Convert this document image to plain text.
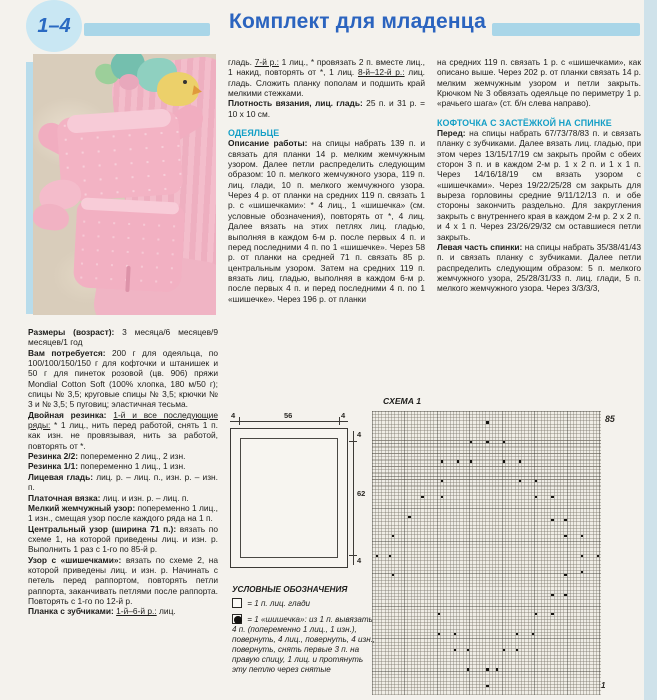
1–4	Комплект для младенца

Размеры (возраст): 3 месяца/6 месяцев/9 месяцев/1 год

Вам потребуется: 200 г для одеяльца, по 100/100/150/150 г для кофточки и штанишек и 50 г для пинеток розовой (цв. 906) пряжи Mondial Cotton Soft (100% хлопка, 180 м/50 г); спицы № 3,5; круговые спицы № 3,5; крючки № 3 и № 3,5; 5 пуговиц; эластичная тесьма.

Двойная резинка: 1-й и все последующие ряды: * 1 лиц., нить перед работой, снять 1 п. как изн. не провязывая, нить за работой, повторять от *.

Резинка 2/2: попеременно 2 лиц., 2 изн.

Резинка 1/1: попеременно 1 лиц., 1 изн.

Лицевая гладь: лиц. р. – лиц. п., изн. р. – изн. п.

Платочная вязка: лиц. и изн. р. – лиц. п.

Мелкий жемчужный узор: попеременно 1 лиц., 1 изн., смещая узор после каждого ряда на 1 п.

Центральный узор (ширина 71 п.): вязать по схеме 1, на которой приведены лиц. и изн. р. Выполнить 1 раз с 1-го по 85-й р.

Узор с «шишечками»: вязать по схеме 2, на которой приведены лиц. и изн. р. Начинать с петель перед раппортом, повторять петли раппорта, заканчивать петлями после раппорта. Повторять с 1-го по 12-й р.

Планка с зубчиками: 1-й–6-й р.: лиц.

гладь. 7-й р.: 1 лиц., * провязать 2 п. вместе лиц., 1 накид, повторять от *, 1 лиц. 8-й–12-й р.: лиц. гладь. Сложить планку пополам и подшить край мелкими стежками.

Плотность вязания, лиц. гладь: 25 п. и 31 р. = 10 х 10 см.

ОДЕЯЛЬЦЕ

Описание работы: на спицы набрать 139 п. и связать для планки 14 р. мелким жемчужным узором. Далее петли распределить следующим образом: 10 п. мелкого жемчужного узора, 119 п. лиц. глади, 10 п. мелкого жемчужного узора. Через 4 р. от планки на средних 119 п. связать 1 р. с «шишечками»: * 4 лиц., 1 «шишечка» (см. условные обозначения), повторять от *, 4 лиц. Далее вязать на этих петлях лиц. гладью, выполняя в каждом 6-м р. после первых 4 п. и перед последними 4 п. по 1 «шишечке». Через 58 р. от планки на средней 71 п. связать 85 р. центральным узором. Затем на средних 119 п. вязать лиц. гладью, выполняя в каждом 6-м р. после первых 4 п. и перед последними 4 п. по 1 «шишечке». Через 196 р. от планки

на средних 119 п. связать 1 р. с «шишечками», как описано выше. Через 202 р. от планки связать 14 р. мелким жемчужным узором и петли закрыть. Крючком № 3 обвязать одеяльце по периметру 1 р. «рачьего шага» (ст. б/н слева направо).

КОФТОЧКА С ЗАСТЁЖКОЙ НА СПИНКЕ

Перед: на спицы набрать 67/73/78/83 п. и связать планку с зубчиками. Далее вязать лиц. гладью, при этом через 13/15/17/19 см закрыть пройм с обеих сторон 3 п. и в каждом 2-м р. 1 х 2 п. и 1 х 1 п. Через 14/16/18/19 см вязать узором с «шишечками». Через 19/22/25/28 см закрыть для выреза горловины средние 9/11/12/13 п. и обе стороны закончить раздельно. Для закругления закрыть с внутреннего края в каждом 2-м р. 2 х 2 п. и 4 х 1 п. Через 23/26/29/32 см оставшиеся петли закрыть.

Левая часть спинки: на спицы набрать 35/38/41/43 п. и связать планку с зубчиками. Далее петли распределить следующим образом: 5 п. мелкого жемчужного узора, 25/28/31/33 п. лиц. глади, 5 п. мелкого жемчужного узора. Через 3/3/3/3,

4	56	4
4
62
4
СХЕМА 1
85
1

УСЛОВНЫЕ ОБОЗНАЧЕНИЯ

= 1 п. лиц. глади

= 1 «шишечка»: из 1 п. вывязать 4 п. (попеременно 1 лиц., 1 изн.), повернуть, 4 лиц., повернуть, 4 изн., повернуть, снять первые 3 п. на правую спицу, 1 лиц. и протянуть эту петлю через снятые
